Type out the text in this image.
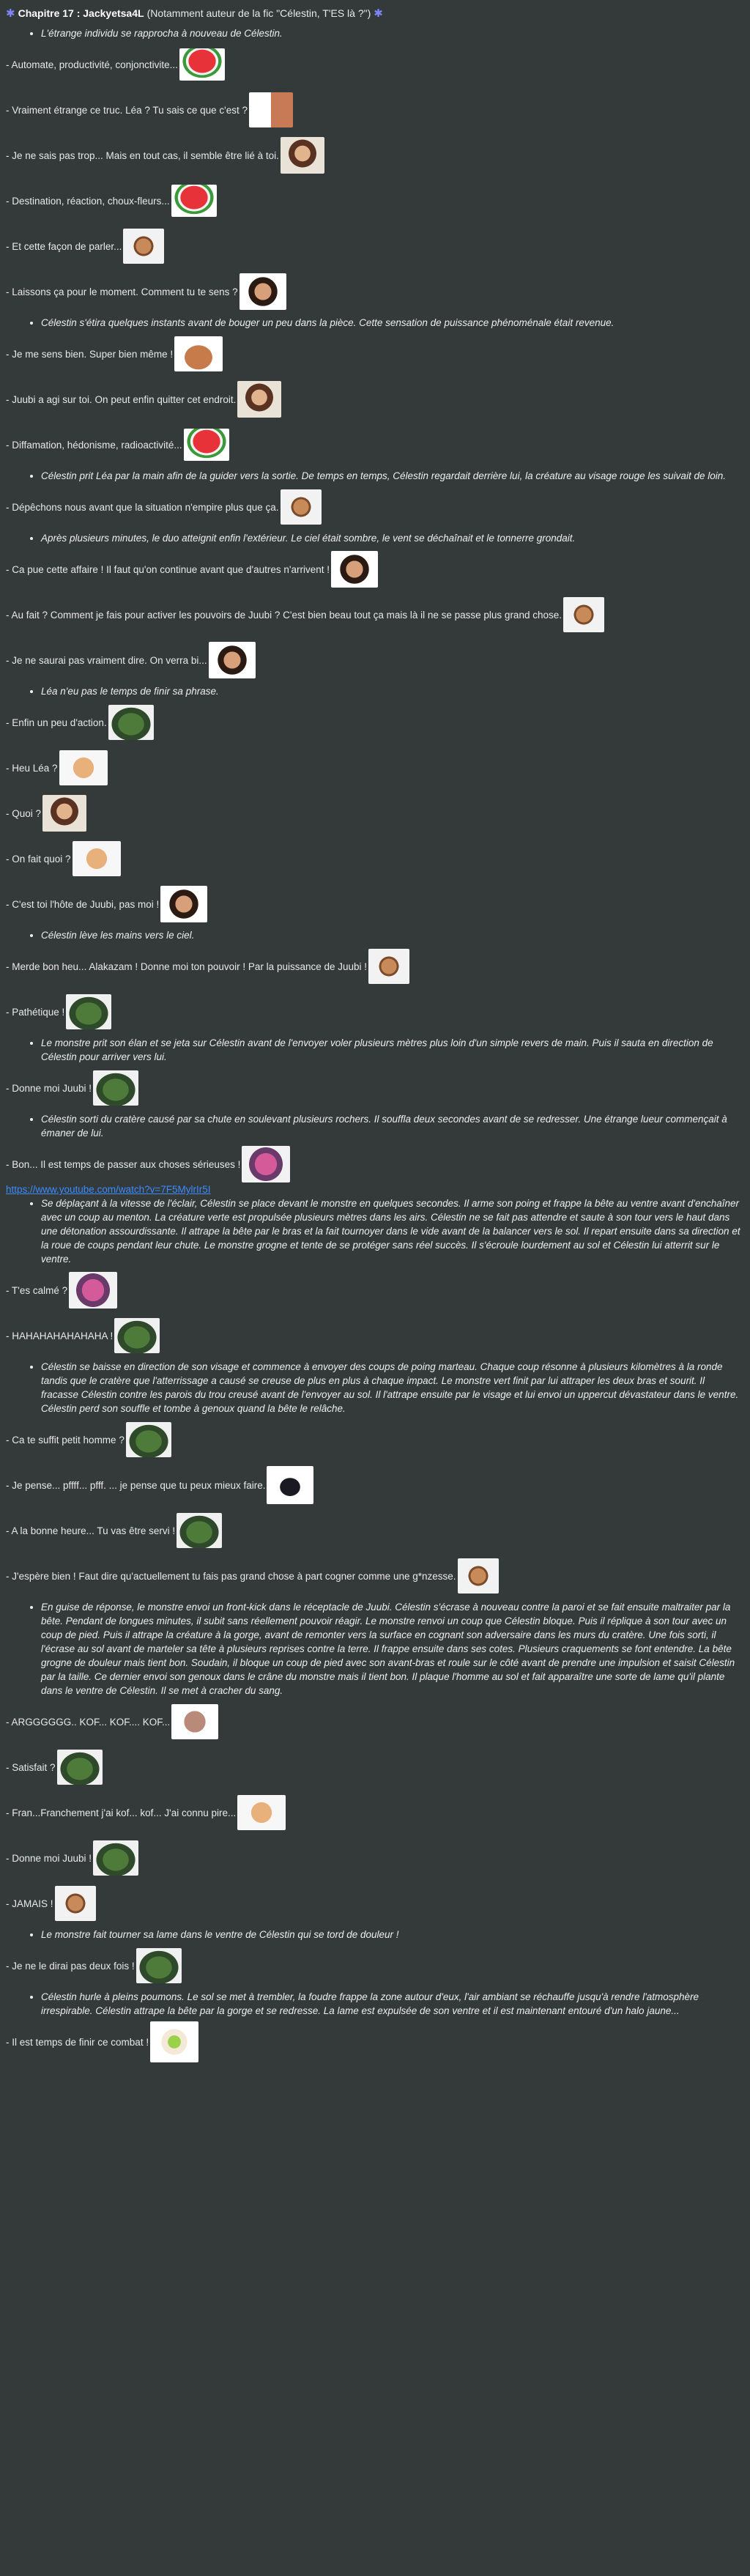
✱ Chapitre 17 : Jackyetsa4L (Notamment auteur de la fic "Célestin, T'ES là ?") ✱
• L'étrange individu se rapprocha à nouveau de Célestin.
- Automate, productivité, conjonctivite...
- Vraiment étrange ce truc. Léa ? Tu sais ce que c'est ?
- Je ne sais pas trop... Mais en tout cas, il semble être lié à toi.
- Destination, réaction, choux-fleurs...
- Et cette façon de parler...
- Laissons ça pour le moment. Comment tu te sens ?
• Célestin s'étira quelques instants avant de bouger un peu dans la pièce. Cette sensation de puissance phénoménale était revenue.
- Je me sens bien. Super bien même !
- Juubi a agi sur toi. On peut enfin quitter cet endroit.
- Diffamation, hédonisme, radioactivité...
• Célestin prit Léa par la main afin de la guider vers la sortie. De temps en temps, Célestin regardait derrière lui, la créature au visage rouge les suivait de loin.
- Dépêchons nous avant que la situation n'empire plus que ça.
• Après plusieurs minutes, le duo atteignit enfin l'extérieur. Le ciel était sombre, le vent se déchaînait et le tonnerre grondait.
- Ca pue cette affaire ! Il faut qu'on continue avant que d'autres n'arrivent !
- Au fait ? Comment je fais pour activer les pouvoirs de Juubi ? C'est bien beau tout ça mais là il ne se passe plus grand chose.
- Je ne saurai pas vraiment dire. On verra bi...
• Léa n'eu pas le temps de finir sa phrase.
- Enfin un peu d'action.
- Heu Léa ?
- Quoi ?
- On fait quoi ?
- C'est toi l'hôte de Juubi, pas moi !
• Célestin lève les mains vers le ciel.
- Merde bon heu... Alakazam ! Donne moi ton pouvoir ! Par la puissance de Juubi !
- Pathétique !
• Le monstre prit son élan et se jeta sur Célestin avant de l'envoyer voler plusieurs mètres plus loin d'un simple revers de main. Puis il sauta en direction de Célestin pour arriver vers lui.
- Donne moi Juubi !
• Célestin sorti du cratère causé par sa chute en soulevant plusieurs rochers. Il souffla deux secondes avant de se redresser. Une étrange lueur commençait à émaner de lui.
- Bon... Il est temps de passer aux choses sérieuses !
https://www.youtube.com/watch?v=7F5MylrIr5I
• Se déplaçant à la vitesse de l'éclair, Célestin se place devant le monstre en quelques secondes. Il arme son poing et frappe la bête au ventre avant d'enchaîner avec un coup au menton. La créature verte est propulsée plusieurs mètres dans les airs. Célestin ne se fait pas attendre et saute à son tour vers le haut dans une détonation assourdissante. Il attrape la bête par le bras et la fait tournoyer dans le vide avant de la balancer vers le sol. Il repart ensuite dans sa direction et la roue de coups pendant leur chute. Le monstre grogne et tente de se protéger sans réel succès. Il s'écroule lourdement au sol et Célestin lui atterrit sur le ventre.
- T'es calmé ?
- HAHAHAHAHAHAHA !
• Célestin se baisse en direction de son visage et commence à envoyer des coups de poing marteau. Chaque coup résonne à plusieurs kilomètres à la ronde tandis que le cratère que l'atterrissage a causé se creuse de plus en plus à chaque impact. Le monstre vert finit par lui attraper les deux bras et sourit. Il fracasse Célestin contre les parois du trou creusé avant de l'envoyer au sol. Il l'attrape ensuite par le visage et lui envoi un uppercut dévastateur dans le ventre. Célestin perd son souffle et tombe à genoux quand la bête le relâche.
- Ca te suffit petit homme ?
- Je pense... pffff... pfff. ... je pense que tu peux mieux faire.
- A la bonne heure... Tu vas être servi !
- J'espère bien ! Faut dire qu'actuellement tu fais pas grand chose à part cogner comme une g*nzesse.
• En guise de réponse, le monstre envoi un front-kick dans le réceptacle de Juubi. Célestin s'écrase à nouveau contre la paroi et se fait ensuite maltraiter par la bête. Pendant de longues minutes, il subit sans réellement pouvoir réagir. Le monstre renvoi un coup que Célestin bloque. Puis il réplique à son tour avec un coup de pied. Puis il attrape la créature à la gorge, avant de remonter vers la surface en cognant son adversaire dans les murs du cratère. Une fois sorti, il l'écrase au sol avant de marteler sa tête à plusieurs reprises contre la terre. Il frappe ensuite dans ses cotes. Plusieurs craquements se font entendre. La bête grogne de douleur mais tient bon. Soudain, il bloque un coup de pied avec son avant-bras et roule sur le côté avant de prendre une impulsion et saisit Célestin par la taille. Ce dernier envoi son genoux dans le crâne du monstre mais il tient bon. Il plaque l'homme au sol et fait apparaître une sorte de lame qu'il plante dans le ventre de Célestin. Il se met à cracher du sang.
- ARGGGGGG.. KOF... KOF.... KOF...
- Satisfait ?
- Fran...Franchement j'ai kof... kof... J'ai connu pire...
- Donne moi Juubi !
- JAMAIS !
• Le monstre fait tourner sa lame dans le ventre de Célestin qui se tord de douleur !
- Je ne le dirai pas deux fois !
• Célestin hurle à pleins poumons. Le sol se met à trembler, la foudre frappe la zone autour d'eux, l'air ambiant se réchauffe jusqu'à rendre l'atmosphère irrespirable. Célestin attrape la bête par la gorge et se redresse. La lame est expulsée de son ventre et il est maintenant entouré d'un halo jaune...
- Il est temps de finir ce combat !
